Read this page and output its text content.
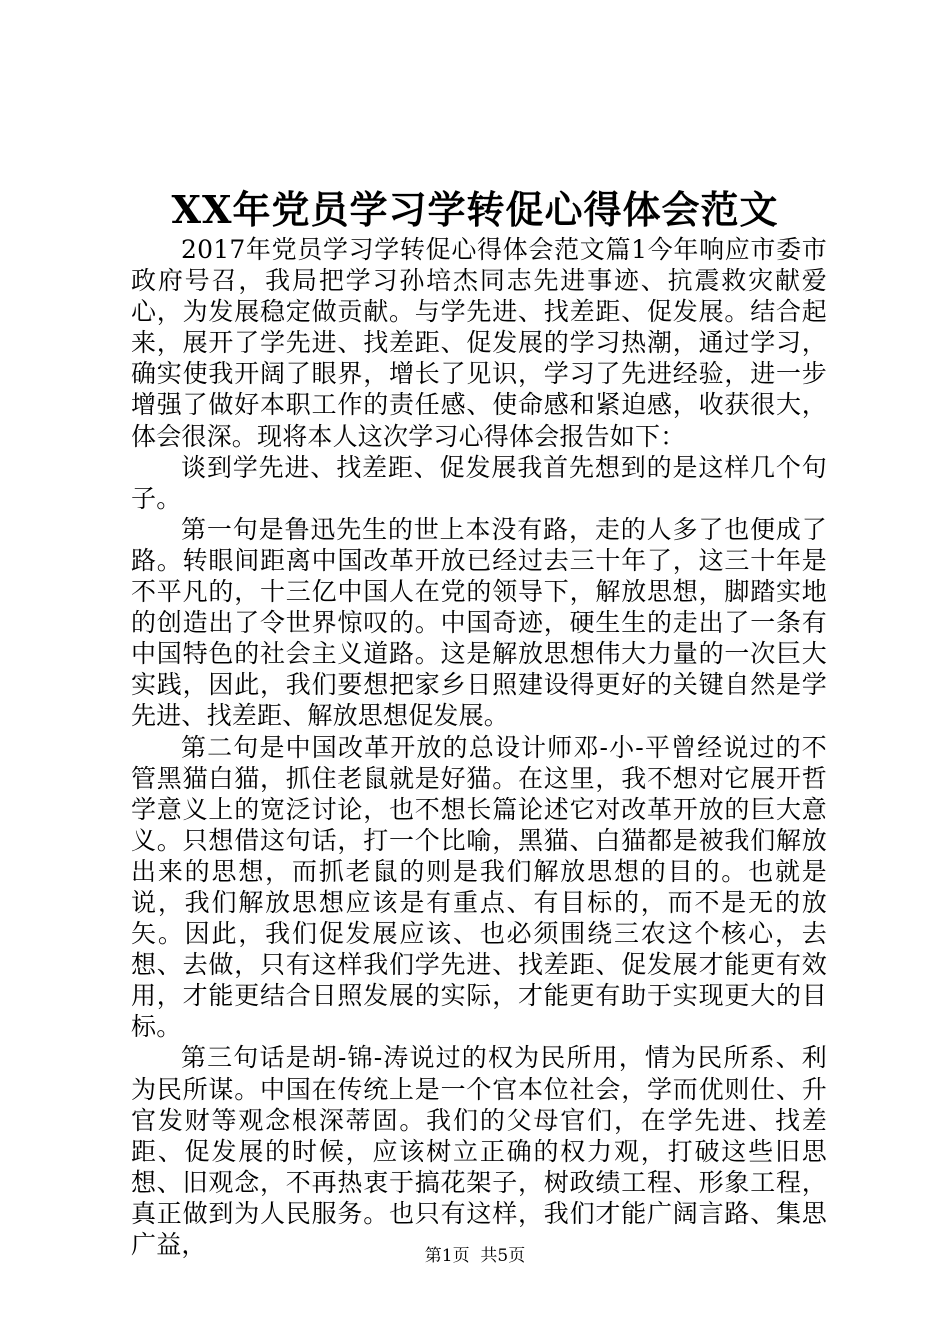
XX年党员学习学转促心得体会范文

2017年党员学习学转促心得体会范文篇1今年响应市委市政府号召，我局把学习孙培杰同志先进事迹、抗震救灾献爱心，为发展稳定做贡献。与学先进、找差距、促发展。结合起来，展开了学先进、找差距、促发展的学习热潮，通过学习，确实使我开阔了眼界，增长了见识，学习了先进经验，进一步增强了做好本职工作的责任感、使命感和紧迫感，收获很大，体会很深。现将本人这次学习心得体会报告如下：

谈到学先进、找差距、促发展我首先想到的是这样几个句子。

第一句是鲁迅先生的世上本没有路，走的人多了也便成了路。转眼间距离中国改革开放已经过去三十年了，这三十年是不平凡的，十三亿中国人在党的领导下，解放思想，脚踏实地的创造出了令世界惊叹的。中国奇迹，硬生生的走出了一条有中国特色的社会主义道路。这是解放思想伟大力量的一次巨大实践，因此，我们要想把家乡日照建设得更好的关键自然是学先进、找差距、解放思想促发展。

第二句是中国改革开放的总设计师邓-小-平曾经说过的不管黑猫白猫，抓住老鼠就是好猫。在这里，我不想对它展开哲学意义上的宽泛讨论，也不想长篇论述它对改革开放的巨大意义。只想借这句话，打一个比喻，黑猫、白猫都是被我们解放出来的思想，而抓老鼠的则是我们解放思想的目的。也就是说，我们解放思想应该是有重点、有目标的，而不是无的放矢。因此，我们促发展应该、也必须围绕三农这个核心，去想、去做，只有这样我们学先进、找差距、促发展才能更有效用，才能更结合日照发展的实际，才能更有助于实现更大的目标。

第三句话是胡-锦-涛说过的权为民所用，情为民所系、利为民所谋。中国在传统上是一个官本位社会，学而优则仕、升官发财等观念根深蒂固。我们的父母官们，在学先进、找差距、促发展的时候，应该树立正确的权力观，打破这些旧思想、旧观念，不再热衷于搞花架子，树政绩工程、形象工程，真正做到为人民服务。也只有这样，我们才能广阔言路、集思广益，	第1页  共5页
